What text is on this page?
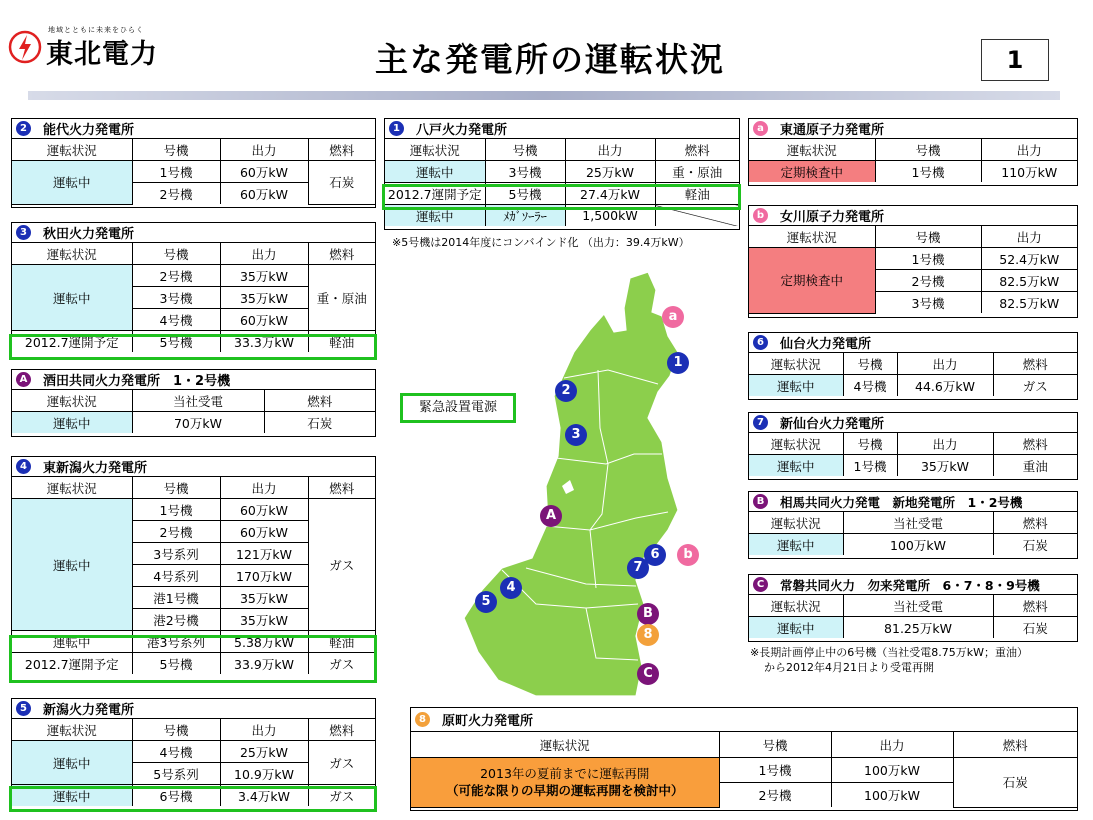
地域とともに未来をひらく
東北電力	主な発電所の運転状況	1
2	能代火力発電所
運転状況	号機	出力	燃料
運転中	1号機	60万kW	石炭
	2号機	60万kW	
3	秋田火力発電所
運転状況	号機	出力	燃料
運転中	2号機	35万kW	重・原油
	3号機	35万kW	
	4号機	60万kW	
2012.7運開予定	5号機	33.3万kW	軽油
A 酒田共同火力発電所　1・2号機
運転状況	当社受電	燃料
運転中	70万kW	石炭
4	東新潟火力発電所
運転状況	号機	出力	燃料
運転中	1号機	60万kW	ガス
	2号機	60万kW	
	3号系列	121万kW	
	4号系列	170万kW	
	港1号機	35万kW	
	港2号機	35万kW	
運転中	港3号系列	5.38万kW	軽油
2012.7運開予定	5号機	33.9万kW	ガス
5	新潟火力発電所
運転状況	号機	出力	燃料
運転中	4号機	25万kW	ガス
	5号系列	10.9万kW	
運転中	6号機	3.4万kW	ガス
1	八戸火力発電所
運転状況	号機	出力	燃料
運転中	3号機	25万kW	重・原油
2012.7運開予定	5号機	27.4万kW	軽油
運転中	ﾒｶﾞｿｰﾗｰ	1,500kW	
※5号機は2014年度にコンバインド化 （出力：39.4万kW）
緊急設置電源
a
1
2
3
A
6	b
7
4
5
B
8
C
a	東通原子力発電所
運転状況	号機	出力
定期検査中	1号機	110万kW
b	女川原子力発電所
運転状況	号機	出力
定期検査中	1号機	52.4万kW
	2号機	82.5万kW
	3号機	82.5万kW
6	仙台火力発電所
運転状況	号機	出力	燃料
運転中	4号機	44.6万kW	ガス
7	新仙台火力発電所
運転状況	号機	出力	燃料
運転中	1号機	35万kW	重油
B 相馬共同火力発電　新地発電所　1・2号機
運転状況	当社受電	燃料
運転中	100万kW	石炭
C	常磐共同火力　勿来発電所　6・7・8・9号機
運転状況	当社受電	燃料
運転中	81.25万kW	石炭
※長期計画停止中の6号機（当社受電8.75万kW；重油）
から2012年4月21日より受電再開
8	原町火力発電所
運転状況	号機	出力	燃料

2013年の夏前までに運転再開
（可能な限りの早期の運転再開を検討中）	1号機	100万kW	石炭
	2号機	100万kW	
